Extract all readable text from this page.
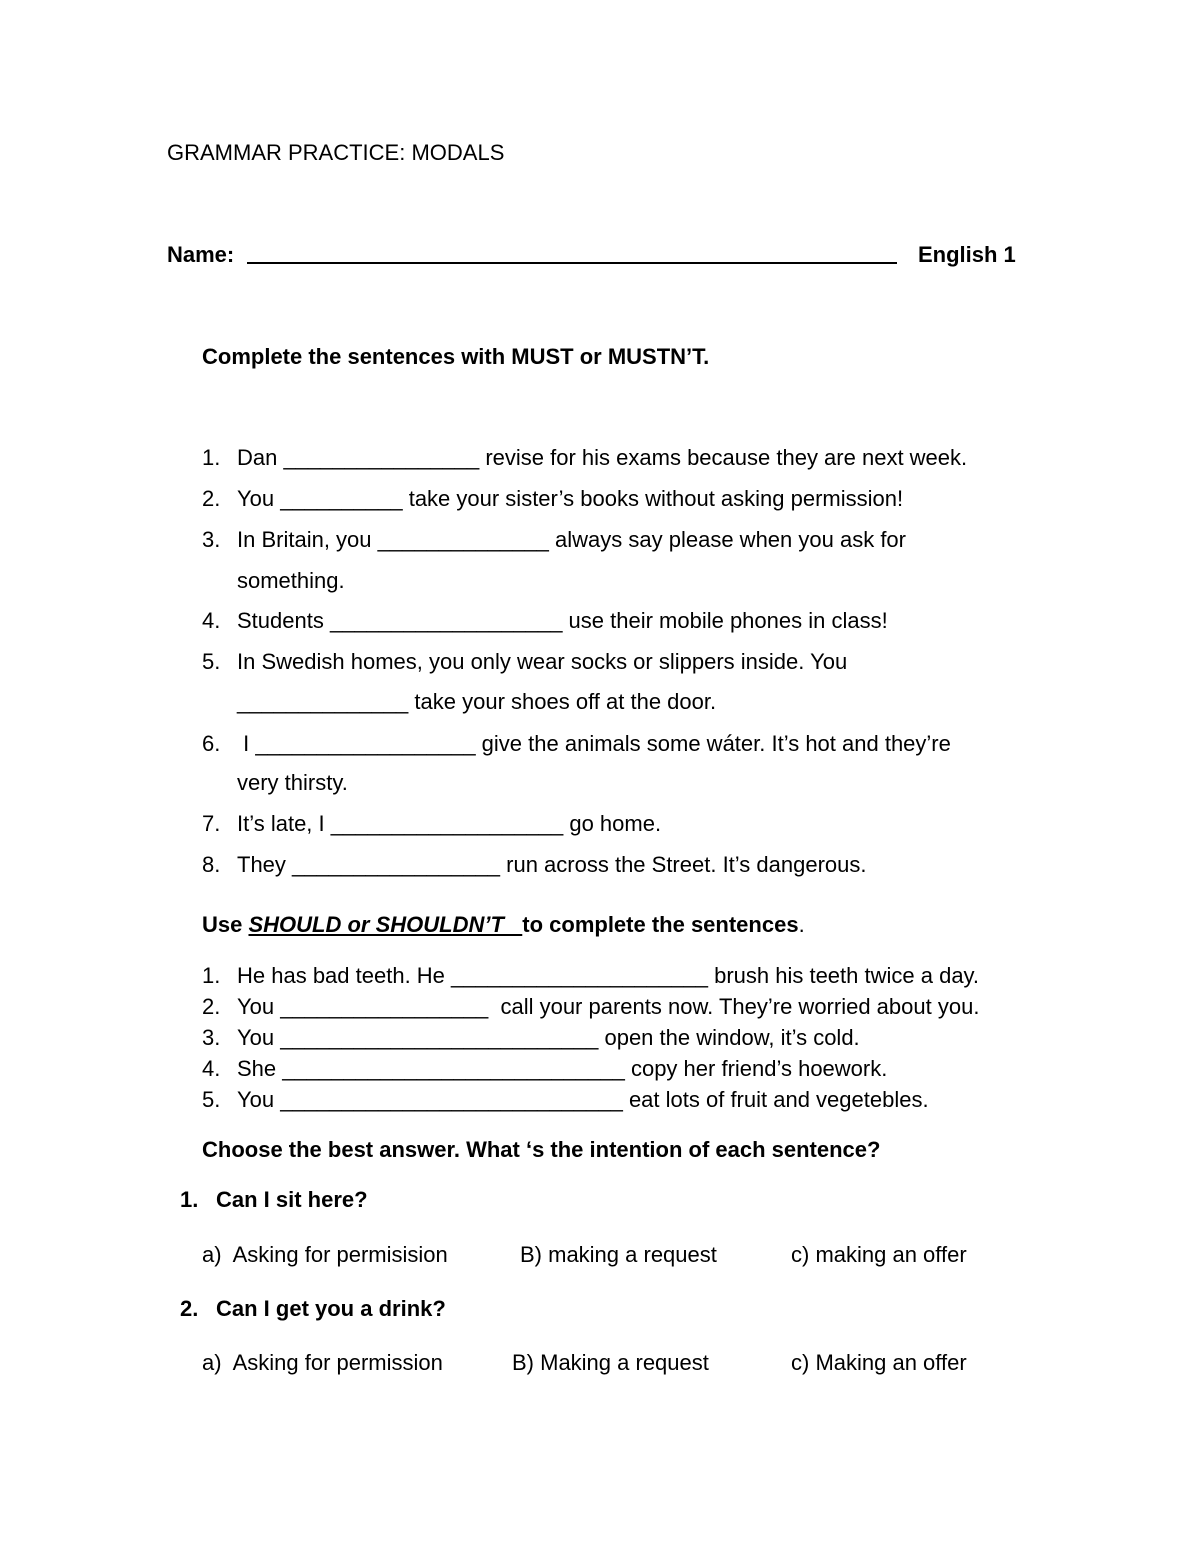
GRAMMAR PRACTICE: MODALS
Name:	English 1
Complete the sentences with MUST or MUSTN’T.
1. Dan ________________ revise for his exams because they are next week.
2. You __________ take your sister’s books without asking permission!
3. In Britain, you ______________ always say please when you ask for
something.
4. Students ___________________ use their mobile phones in class!
5. In Swedish homes, you only wear socks or slippers inside. You
______________ take your shoes off at the door.
6. I __________________ give the animals some wáter. It’s hot and they’re
very thirsty.
7. It’s late, I ___________________ go home.
8. They _________________ run across the Street. It’s dangerous.
Use SHOULD or SHOULDN’T   to complete the sentences.
1. He has bad teeth. He _____________________ brush his teeth twice a day.
2. You _________________  call your parents now. They’re worried about you.
3. You __________________________ open the window, it’s cold.
4. She ____________________________ copy her friend’s hoework.
5. You ____________________________ eat lots of fruit and vegetebles.
Choose the best answer. What ‘s the intention of each sentence?
1. Can I sit here?
a)  Asking for permisision	B) making a request	c) making an offer
2. Can I get you a drink?
a)  Asking for permission	B) Making a request	c) Making an offer
